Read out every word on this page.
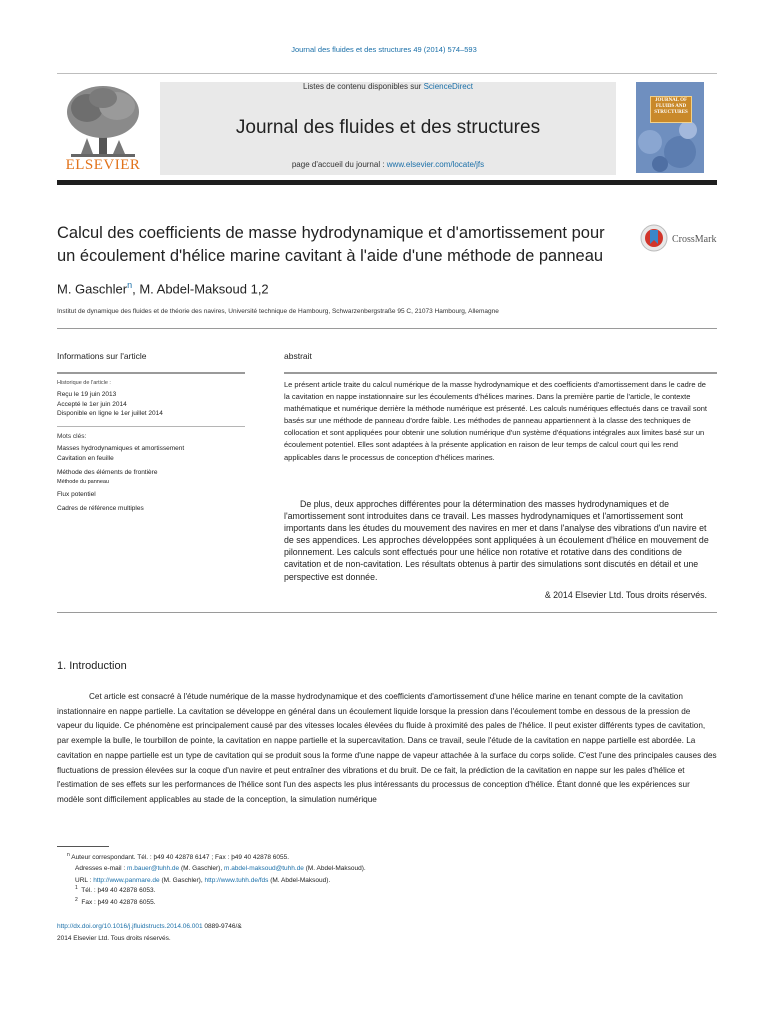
Journal des fluides et des structures 49 (2014) 574–593
ELSEVIER
Listes de contenu disponibles sur ScienceDirect
Journal des fluides et des structures
page d'accueil du journal : www.elsevier.com/locate/jfs
JOURNAL OF FLUIDS AND STRUCTURES
Calcul des coefficients de masse hydrodynamique et d'amortissement pour un écoulement d'hélice marine cavitant à l'aide d'une méthode de panneau
CrossMark
M. Gaschler$^n$, M. Abdel-Maksoud 1,2
Institut de dynamique des fluides et de théorie des navires, Université technique de Hambourg, Schwarzenbergstraße 95 C, 21073 Hambourg, Allemagne
Informations sur l'article
Historique de l'article :
Reçu le 19 juin 2013
Accepté le 1er juin 2014
Disponible en ligne le 1er juillet 2014
Mots clés:
Masses hydrodynamiques et amortissement
Cavitation en feuille
Méthode des éléments de frontière
Méthode du panneau
Flux potentiel
Cadres de référence multiples
abstrait
Le présent article traite du calcul numérique de la masse hydrodynamique et des coefficients d'amortissement dans le cadre de la cavitation en nappe instationnaire sur les écoulements d'hélices marines. Dans la première partie de l'article, le contexte mathématique et numérique derrière la méthode numérique est présenté. Les calculs numériques effectués dans ce travail sont basés sur une méthode de panneau d'ordre faible. Les méthodes de panneau appartiennent à la classe des techniques de collocation et sont appliquées pour obtenir une solution numérique d'un système d'équations intégrales aux limites basé sur un écoulement potentiel. Elles sont adaptées à la présente application en raison de leur temps de calcul court qui les rend applicables dans le processus de conception d'hélices marines.
De plus, deux approches différentes pour la détermination des masses hydrodynamiques et de l'amortissement sont introduites dans ce travail. Les masses hydrodynamiques et l'amortissement sont importants dans les études du mouvement des navires en mer et dans l'analyse des vibrations d'un navire et de ses appendices. Les approches développées sont appliquées à un écoulement d'hélice en mouvement de pilonnement. Les calculs sont effectués pour une hélice non rotative et rotative dans des conditions de cavitation et de non-cavitation. Les résultats obtenus à partir des simulations sont discutés en détail et une perspective est donnée.
& 2014 Elsevier Ltd. Tous droits réservés.
1. Introduction
Cet article est consacré à l'étude numérique de la masse hydrodynamique et des coefficients d'amortissement d'une hélice marine en tenant compte de la cavitation instationnaire en nappe partielle. La cavitation se développe en général dans un écoulement liquide lorsque la pression dans l'écoulement tombe en dessous de la pression de vapeur du liquide. Ce phénomène est principalement causé par des vitesses locales élevées du fluide à proximité des pales de l'hélice. Il peut exister différents types de cavitation, par exemple la bulle, le tourbillon de pointe, la cavitation en nappe partielle et la supercavitation. Dans ce travail, seule l'étude de la cavitation en nappe partielle est abordée. La cavitation en nappe partielle est un type de cavitation qui se produit sous la forme d'une nappe de vapeur attachée à la surface du corps solide. C'est l'une des principales causes des fluctuations de pression élevées sur la coque d'un navire et peut entraîner des vibrations et du bruit. De ce fait, la prédiction de la cavitation en nappe sur les pales d'hélice et l'estimation de ses effets sur les performances de l'hélice sont l'un des aspects les plus intéressants du processus de conception d'hélice. Étant donné que les expériences sur modèle sont difficilement applicables au stade de la conception, la simulation numérique
$^n$ Auteur correspondant. Tél. : þ49 40 42878 6147 ; Fax : þ49 40 42878 6055.
Adresses e-mail : m.bauer@tuhh.de (M. Gaschler), m.abdel-maksoud@tuhh.de (M. Abdel-Maksoud).
URL : http://www.panmare.de (M. Gaschler), http://www.tuhh.de/fds (M. Abdel-Maksoud).
$^1$ Tél. : þ49 40 42878 6053.
$^2$ Fax : þ49 40 42878 6055.
http://dx.doi.org/10.1016/j.jfluidstructs.2014.06.001 0889-9746/&
2014 Elsevier Ltd. Tous droits réservés.
